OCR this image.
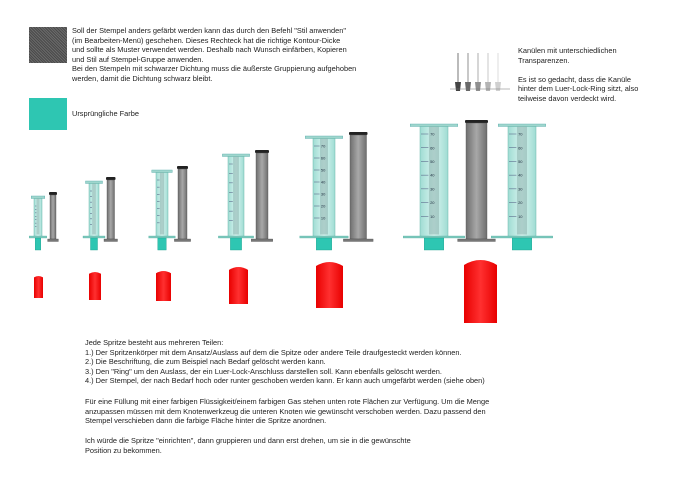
Soll der Stempel anders gefärbt werden kann das durch den Befehl "Stil anwenden"
(im Bearbeiten-Menü) geschehen. Dieses Rechteck hat die richtige Kontour-Dicke
und sollte als Muster verwendet werden. Deshalb nach Wunsch einfärben, Kopieren
und Stil auf Stempel-Gruppe anwenden.
Bei den Stempeln mit schwarzer Dichtung muss die äußerste Gruppierung aufgehoben
werden, damit die Dichtung schwarz bleibt.
Ursprüngliche Farbe
Kanülen mit unterschiedlichen
Transparenzen.
Es ist so gedacht, dass die Kanüle
hinter dem Luer-Lock-Ring sitzt, also
teilweise davon verdeckt wird.
Jede Spritze besteht aus mehreren Teilen:
1.) Der Spritzenkörper mit dem Ansatz/Auslass auf dem die Spitze oder andere Teile draufgesteckt werden können.
2.) Die Beschriftung, die zum Beispiel nach Bedarf gelöscht werden kann.
3.) Den "Ring" um den Auslass, der ein Luer-Lock-Anschluss darstellen soll. Kann ebenfalls gelöscht werden.
4.) Der Stempel, der nach Bedarf hoch oder runter geschoben werden kann. Er kann auch umgefärbt werden (siehe oben)
Für eine Füllung mit einer farbigen Flüssigkeit/einem farbigen Gas stehen unten rote Flächen zur Verfügung. Um die Menge
anzupassen müssen mit dem Knotenwerkzeug die unteren Knoten wie gewünscht verschoben werden. Dazu passend den
Stempel verschieben dann die farbige Fläche hinter die Spritze anordnen.
Ich würde die Spritze "einrichten", dann gruppieren und dann erst drehen, um sie in die gewünschte
Position zu bekommen.
70
60
50
40
30
20
10
70
60
50
40
30
20
10
70
60
50
40
30
20
10
